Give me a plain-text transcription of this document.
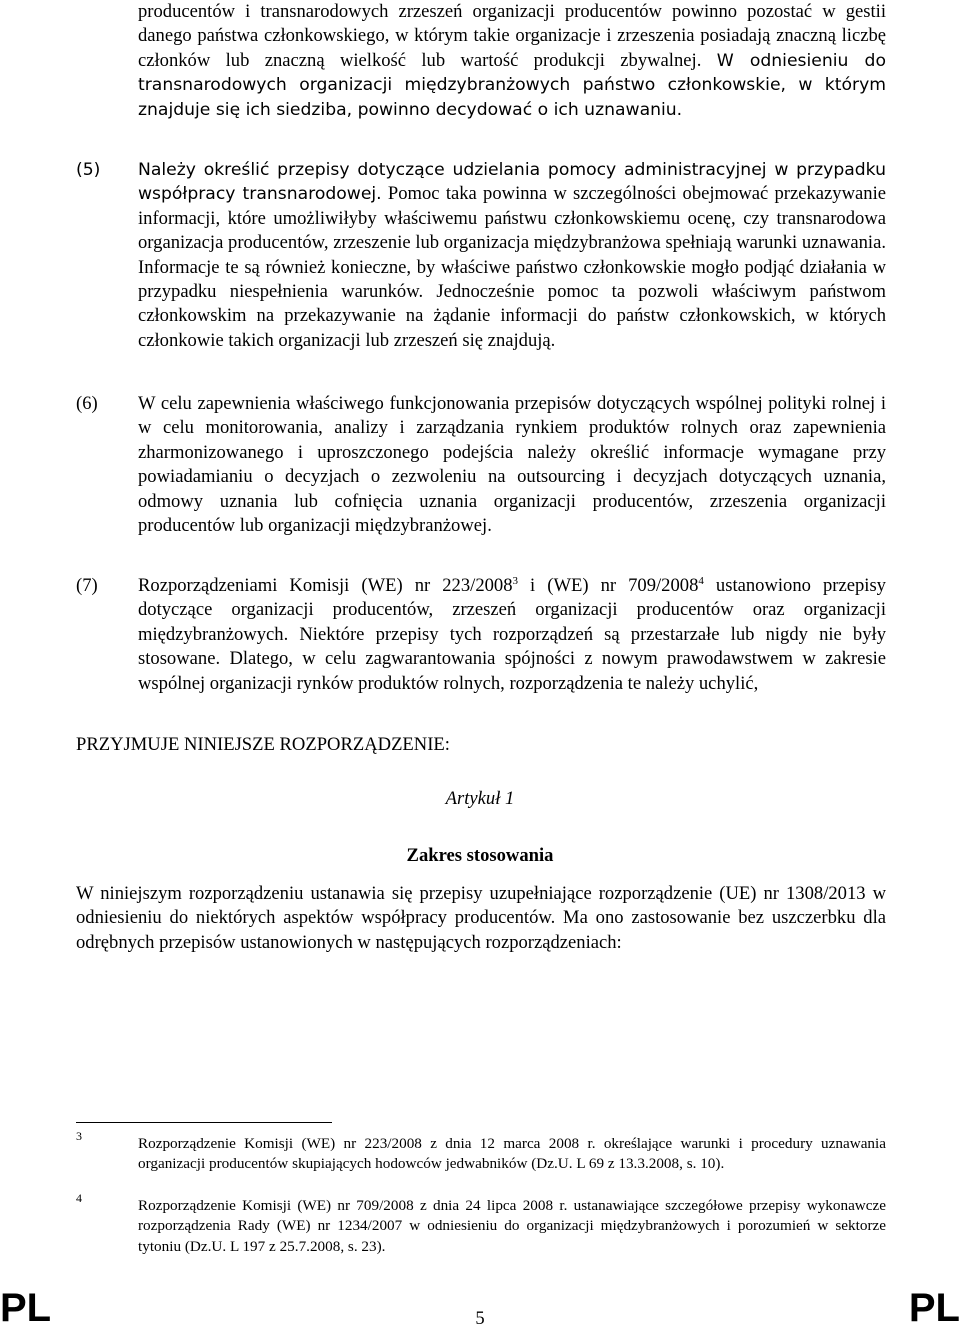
producentów i transnarodowych zrzeszeń organizacji producentów powinno pozostać w gestii danego państwa członkowskiego, w którym takie organizacje i zrzeszenia posiadają znaczną liczbę członków lub znaczną wielkość lub wartość produkcji zbywalnej. W odniesieniu do transnarodowych organizacji międzybranżowych państwo członkowskie, w którym znajduje się ich siedziba, powinno decydować o ich uznawaniu.

(5) Należy określić przepisy dotyczące udzielania pomocy administracyjnej w przypadku współpracy transnarodowej. Pomoc taka powinna w szczególności obejmować przekazywanie informacji, które umożliwiłyby właściwemu państwu członkowskiemu ocenę, czy transnarodowa organizacja producentów, zrzeszenie lub organizacja międzybranżowa spełniają warunki uznawania. Informacje te są również konieczne, by właściwe państwo członkowskie mogło podjąć działania w przypadku niespełnienia warunków. Jednocześnie pomoc ta pozwoli właściwym państwom członkowskim na przekazywanie na żądanie informacji do państw członkowskich, w których członkowie takich organizacji lub zrzeszeń się znajdują.

(6) W celu zapewnienia właściwego funkcjonowania przepisów dotyczących wspólnej polityki rolnej i w celu monitorowania, analizy i zarządzania rynkiem produktów rolnych oraz zapewnienia zharmonizowanego i uproszczonego podejścia należy określić informacje wymagane przy powiadamianiu o decyzjach o zezwoleniu na outsourcing i decyzjach dotyczących uznania, odmowy uznania lub cofnięcia uznania organizacji producentów, zrzeszenia organizacji producentów lub organizacji międzybranżowej.

(7) Rozporządzeniami Komisji (WE) nr 223/2008$^3$ i (WE) nr 709/2008$^4$ ustanowiono przepisy dotyczące organizacji producentów, zrzeszeń organizacji producentów oraz organizacji międzybranżowych. Niektóre przepisy tych rozporządzeń są przestarzałe lub nigdy nie były stosowane. Dlatego, w celu zagwarantowania spójności z nowym prawodawstwem w zakresie wspólnej organizacji rynków produktów rolnych, rozporządzenia te należy uchylić,

PRZYJMUJE NINIEJSZE ROZPORZĄDZENIE:
Artykuł 1
Zakres stosowania

W niniejszym rozporządzeniu ustanawia się przepisy uzupełniające rozporządzenie (UE) nr 1308/2013 w odniesieniu do niektórych aspektów współpracy producentów. Ma ono zastosowanie bez uszczerbku dla odrębnych przepisów ustanowionych w następujących rozporządzeniach:

3	Rozporządzenie Komisji (WE) nr 223/2008 z dnia 12 marca 2008 r. określające warunki i procedury uznawania organizacji producentów skupiających hodowców jedwabników (Dz.U. L 69 z 13.3.2008, s. 10).

4	Rozporządzenie Komisji (WE) nr 709/2008 z dnia 24 lipca 2008 r. ustanawiające szczegółowe przepisy wykonawcze rozporządzenia Rady (WE) nr 1234/2007 w odniesieniu do organizacji międzybranżowych i porozumień w sektorze tytoniu (Dz.U. L 197 z 25.7.2008, s. 23).

PL	5	PL
